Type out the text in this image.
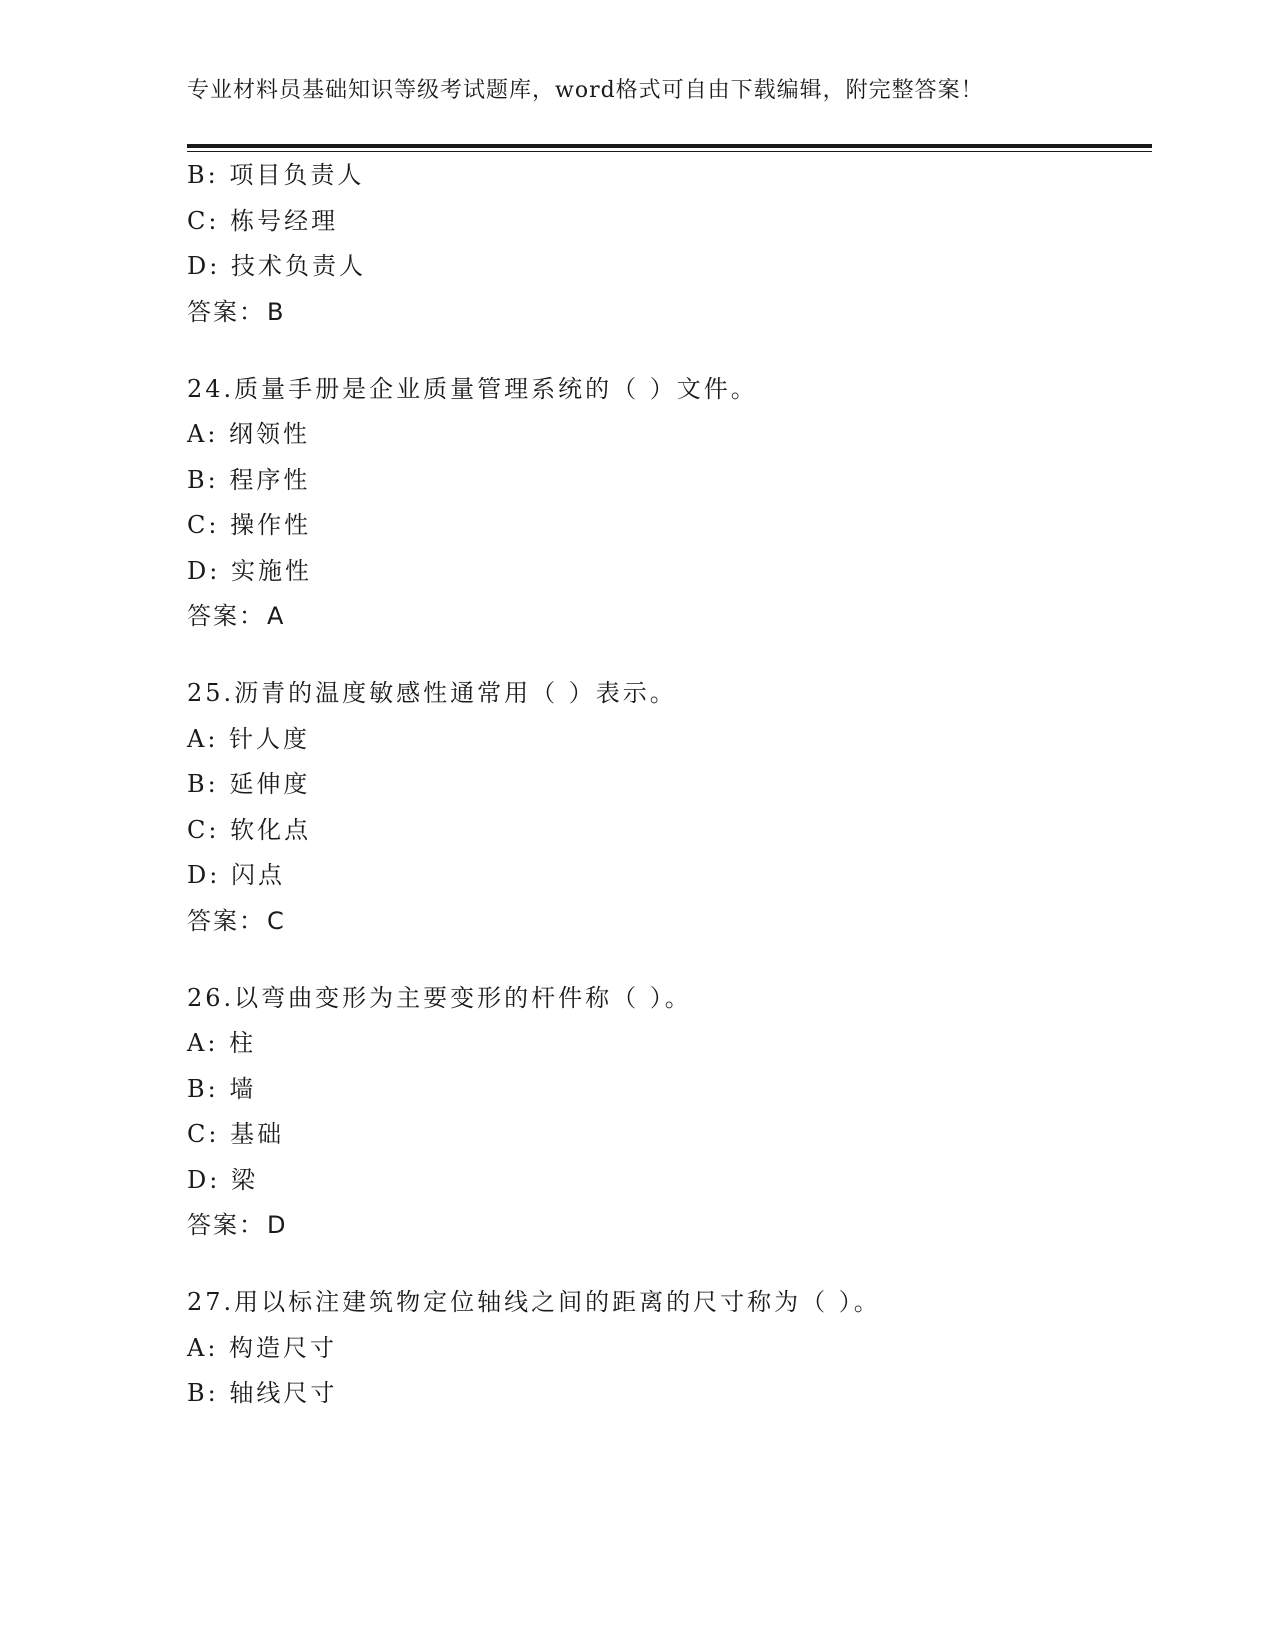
专业材料员基础知识等级考试题库，word格式可自由下载编辑，附完整答案！
B: 项目负责人
C: 栋号经理
D: 技术负责人
答案：B
24.质量手册是企业质量管理系统的（ ）文件。
A: 纲领性
B: 程序性
C: 操作性
D: 实施性
答案：A
25.沥青的温度敏感性通常用（ ）表示。
A: 针人度
B: 延伸度
C: 软化点
D: 闪点
答案：C
26.以弯曲变形为主要变形的杆件称（ ）。
A: 柱
B: 墙
C: 基础
D: 梁
答案：D
27.用以标注建筑物定位轴线之间的距离的尺寸称为（ ）。
A: 构造尺寸
B: 轴线尺寸
